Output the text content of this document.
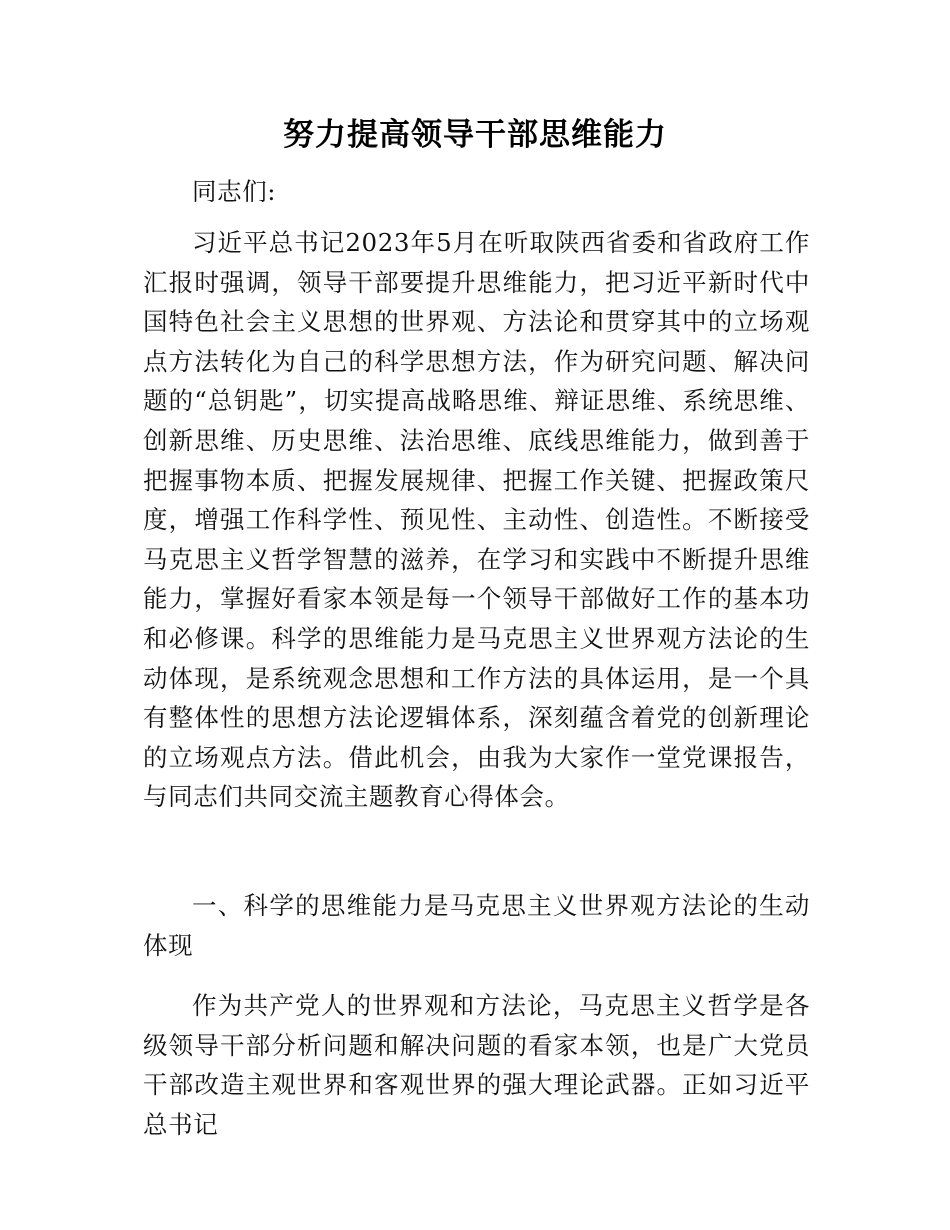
努力提高领导干部思维能力

同志们:

习近平总书记2023年5月在听取陕西省委和省政府工作汇报时强调，领导干部要提升思维能力，把习近平新时代中国特色社会主义思想的世界观、方法论和贯穿其中的立场观点方法转化为自己的科学思想方法，作为研究问题、解决问题的“总钥匙”，切实提高战略思维、辩证思维、系统思维、创新思维、历史思维、法治思维、底线思维能力，做到善于把握事物本质、把握发展规律、把握工作关键、把握政策尺度，增强工作科学性、预见性、主动性、创造性。不断接受马克思主义哲学智慧的滋养，在学习和实践中不断提升思维能力，掌握好看家本领是每一个领导干部做好工作的基本功和必修课。科学的思维能力是马克思主义世界观方法论的生动体现，是系统观念思想和工作方法的具体运用，是一个具有整体性的思想方法论逻辑体系，深刻蕴含着党的创新理论的立场观点方法。借此机会，由我为大家作一堂党课报告，与同志们共同交流主题教育心得体会。

一、科学的思维能力是马克思主义世界观方法论的生动体现

作为共产党人的世界观和方法论，马克思主义哲学是各级领导干部分析问题和解决问题的看家本领，也是广大党员干部改造主观世界和客观世界的强大理论武器。正如习近平总书记
